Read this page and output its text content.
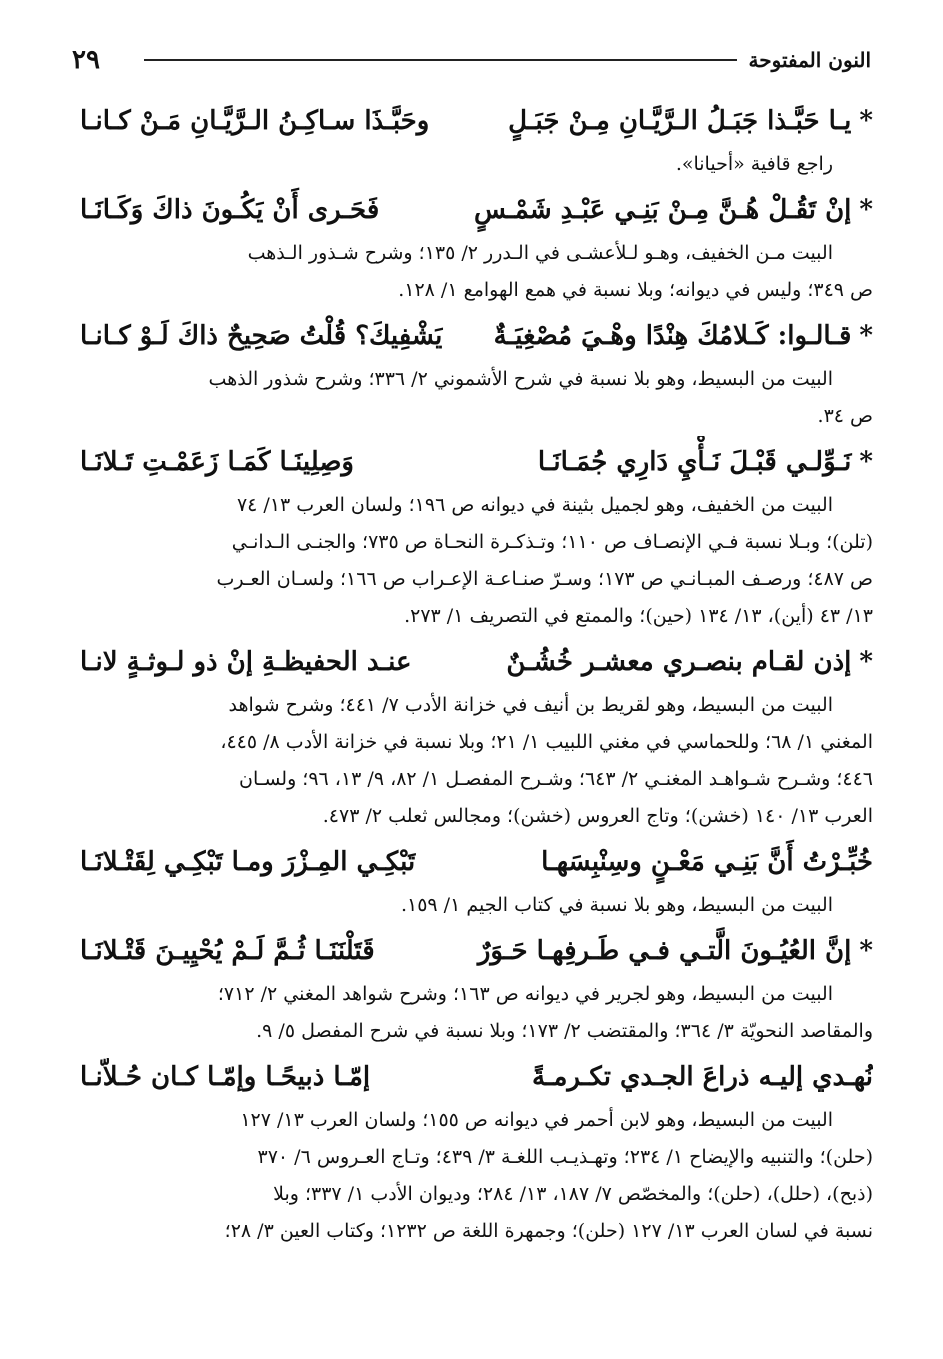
٢٩	النون المفتوحة
*يـا حَبَّـذا جَبَـلُ الـرَّيَّـانِ مِـنْ جَبَـلٍ
وحَبَّـذَا سـاكِـنُ الـرَّيَّـانِ مَـنْ كـانـا
راجع قافية «أحيانا».
*إنْ تَقُـلْ هُـنَّ مِـنْ بَنِـي عَبْـدِ شَمْـسٍ
فَحَـرى أَنْ يَكُـونَ ذاكَ وَكَـانَـا
البيت مـن الخفيف، وهـو لـلأعشـى في الـدرر ٢/ ١٣٥؛ وشرح شـذور الـذهب
ص ٣٤٩؛ وليس في ديوانه؛ وبلا نسبة في همع الهوامع ١/ ١٢٨.
*قـالـوا: كَـلامُكَ هِنْدًا وهْـيَ مُصْغِيَـةٌ
يَشْفِيكَ؟ قُلْتُ صَحِيحٌ ذاكَ لَـوْ كـانـا
البيت من البسيط، وهو بلا نسبة في شرح الأشموني ٢/ ٣٣٦؛ وشرح شذور الذهب
ص ٣٤.
*نَـوِّلـي قَبْـلَ نَـأْيِ دَارِي جُمَـانَـا
وَصِلِينَـا كَمَـا زَعَمْـتِ تَـلانَـا
البيت من الخفيف، وهو لجميل بثينة في ديوانه ص ١٩٦؛ ولسان العرب ١٣/ ٧٤
(تلن)؛ وبـلا نسبة فـي الإنصـاف ص ١١٠؛ وتـذكـرة النحـاة ص ٧٣٥؛ والجنـى الـدانـي
ص ٤٨٧؛ ورصـف المبـانـي ص ١٧٣؛ وسـرّ صنـاعـة الإعـراب ص ١٦٦؛ ولسـان العـرب
١٣/ ٤٣ (أين)، ١٣/ ١٣٤ (حين)؛ والممتع في التصريف ١/ ٢٧٣.
*إذن لقـام بنصـري معشـر خُشُـنٌ
عنـد الحفيظـةِ إنْ ذو لـوثـةٍ لانـا
البيت من البسيط، وهو لقريط بن أنيف في خزانة الأدب ٧/ ٤٤١؛ وشرح شواهد
المغني ١/ ٦٨؛ وللحماسي في مغني اللبيب ١/ ٢١؛ وبلا نسبة في خزانة الأدب ٨/ ٤٤٥،
٤٤٦؛ وشـرح شـواهـد المغنـي ٢/ ٦٤٣؛ وشـرح المفصـل ١/ ٨٢، ٩/ ١٣، ٩٦؛ ولسـان
العرب ١٣/ ١٤٠ (خشن)؛ وتاج العروس (خشن)؛ ومجالس ثعلب ٢/ ٤٧٣.
خُبِّـرْتُ أَنَّ بَنِـي مَعْـنٍ وسِنْبِسَهـا
تَبْكِـي المِـزْرَ ومـا تَبْكِـي لِقَتْـلانَـا
البيت من البسيط، وهو بلا نسبة في كتاب الجيم ١/ ١٥٩.
*إنَّ العُيُـونَ الَّتـي فـي طَـرفِهـا حَـوَرٌ
قَتَلْنَنَـا ثُـمَّ لَـمْ يُحْيِيـنَ قَتْـلانَـا
البيت من البسيط، وهو لجرير في ديوانه ص ١٦٣؛ وشرح شواهد المغني ٢/ ٧١٢؛
والمقاصد النحويّة ٣/ ٣٦٤؛ والمقتضب ٢/ ١٧٣؛ وبلا نسبة في شرح المفصل ٥/ ٩.
نُهـدي إليـه ذراعَ الجـدي تكـرمـةً
إمّـا ذبيحًـا وإمّـا كـان حُـلاّنـا
البيت من البسيط، وهو لابن أحمر في ديوانه ص ١٥٥؛ ولسان العرب ١٣/ ١٢٧
(حلن)؛ والتنبيه والإيضاح ١/ ٢٣٤؛ وتهـذيـب اللغـة ٣/ ٤٣٩؛ وتـاج العـروس ٦/ ٣٧٠
(ذبح)، (حلل)، (حلن)؛ والمخصّص ٧/ ١٨٧، ١٣/ ٢٨٤؛ وديوان الأدب ١/ ٣٣٧؛ وبلا
نسبة في لسان العرب ١٣/ ١٢٧ (حلن)؛ وجمهرة اللغة ص ١٢٣٢؛ وكتاب العين ٣/ ٢٨؛
